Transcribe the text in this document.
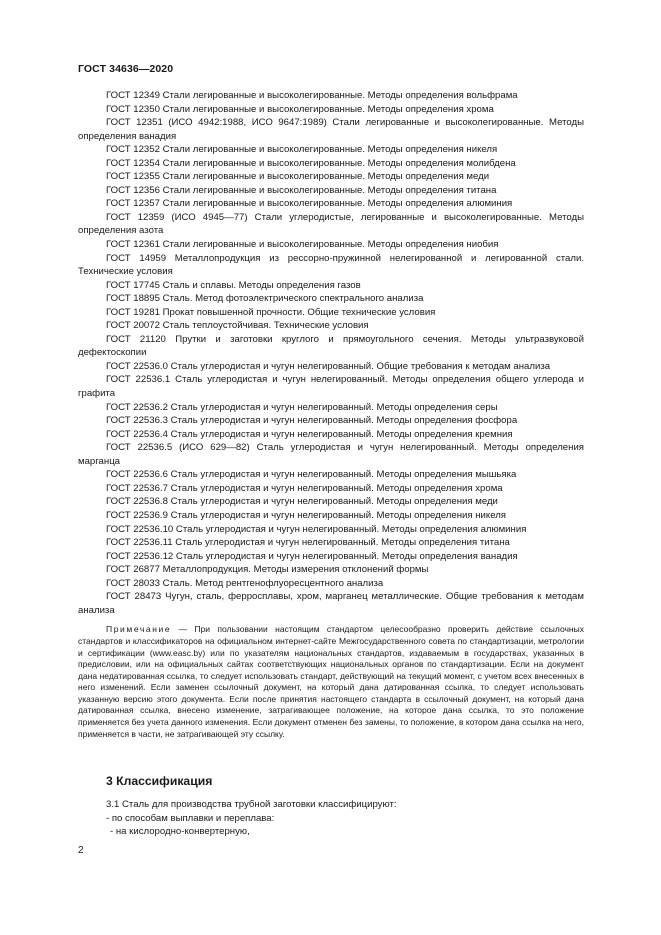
ГОСТ 34636—2020

ГОСТ 12349 Стали легированные и высоколегированные. Методы определения вольфрама

ГОСТ 12350 Стали легированные и высоколегированные. Методы определения хрома

ГОСТ 12351 (ИСО 4942:1988, ИСО 9647:1989) Стали легированные и высоколегированные. Методы определения ванадия

ГОСТ 12352 Стали легированные и высоколегированные. Методы определения никеля

ГОСТ 12354 Стали легированные и высоколегированные. Методы определения молибдена

ГОСТ 12355 Стали легированные и высоколегированные. Методы определения меди

ГОСТ 12356 Стали легированные и высоколегированные. Методы определения титана

ГОСТ 12357 Стали легированные и высоколегированные. Методы определения алюминия

ГОСТ 12359 (ИСО 4945—77) Стали углеродистые, легированные и высоколегированные. Методы определения азота

ГОСТ 12361 Стали легированные и высоколегированные. Методы определения ниобия

ГОСТ 14959 Металлопродукция из рессорно-пружинной нелегированной и легированной стали. Технические условия

ГОСТ 17745 Сталь и сплавы. Методы определения газов

ГОСТ 18895 Сталь. Метод фотоэлектрического спектрального анализа

ГОСТ 19281 Прокат повышенной прочности. Общие технические условия

ГОСТ 20072 Сталь теплоустойчивая. Технические условия

ГОСТ 21120 Прутки и заготовки круглого и прямоугольного сечения. Методы ультразвуковой дефектоскопии

ГОСТ 22536.0 Сталь углеродистая и чугун нелегированный. Общие требования к методам анализа

ГОСТ 22536.1 Сталь углеродистая и чугун нелегированный. Методы определения общего углерода и графита

ГОСТ 22536.2 Сталь углеродистая и чугун нелегированный. Методы определения серы

ГОСТ 22536.3 Сталь углеродистая и чугун нелегированный. Методы определения фосфора

ГОСТ 22536.4 Сталь углеродистая и чугун нелегированный. Методы определения кремния

ГОСТ 22536.5 (ИСО 629—82) Сталь углеродистая и чугун нелегированный. Методы определения марганца

ГОСТ 22536.6 Сталь углеродистая и чугун нелегированный. Методы определения мышьяка

ГОСТ 22536.7 Сталь углеродистая и чугун нелегированный. Методы определения хрома

ГОСТ 22536.8 Сталь углеродистая и чугун нелегированный. Методы определения меди

ГОСТ 22536.9 Сталь углеродистая и чугун нелегированный. Методы определения никеля

ГОСТ 22536.10 Сталь углеродистая и чугун нелегированный. Методы определения алюминия

ГОСТ 22536.11 Сталь углеродистая и чугун нелегированный. Методы определения титана

ГОСТ 22536.12 Сталь углеродистая и чугун нелегированный. Методы определения ванадия

ГОСТ 26877 Металлопродукция. Методы измерения отклонений формы

ГОСТ 28033 Сталь. Метод рентгенофлуоресцентного анализа

ГОСТ 28473 Чугун, сталь, ферросплавы, хром, марганец металлические. Общие требования к методам анализа

Примечание — При пользовании настоящим стандартом целесообразно проверить действие ссылочных стандартов и классификаторов на официальном интернет-сайте Межгосударственного совета по стандартизации, метрологии и сертификации (www.easc.by) или по указателям национальных стандартов, издаваемым в государствах, указанных в предисловии, или на официальных сайтах соответствующих национальных органов по стандартизации. Если на документ дана недатированная ссылка, то следует использовать стандарт, действующий на текущий момент, с учетом всех внесенных в него изменений. Если заменен ссылочный документ, на который дана датированная ссылка, то следует использовать указанную версию этого документа. Если после принятия настоящего стандарта в ссылочный документ, на который дана датированная ссылка, внесено изменение, затрагивающее положение, на которое дана ссылка, то это положение применяется без учета данного изменения. Если документ отменен без замены, то положение, в котором дана ссылка на него, применяется в части, не затрагивающей эту ссылку.

3 Классификация

3.1 Сталь для производства трубной заготовки классифицируют:

- по способам выплавки и переплава:

- на кислородно-конвертерную,

2
